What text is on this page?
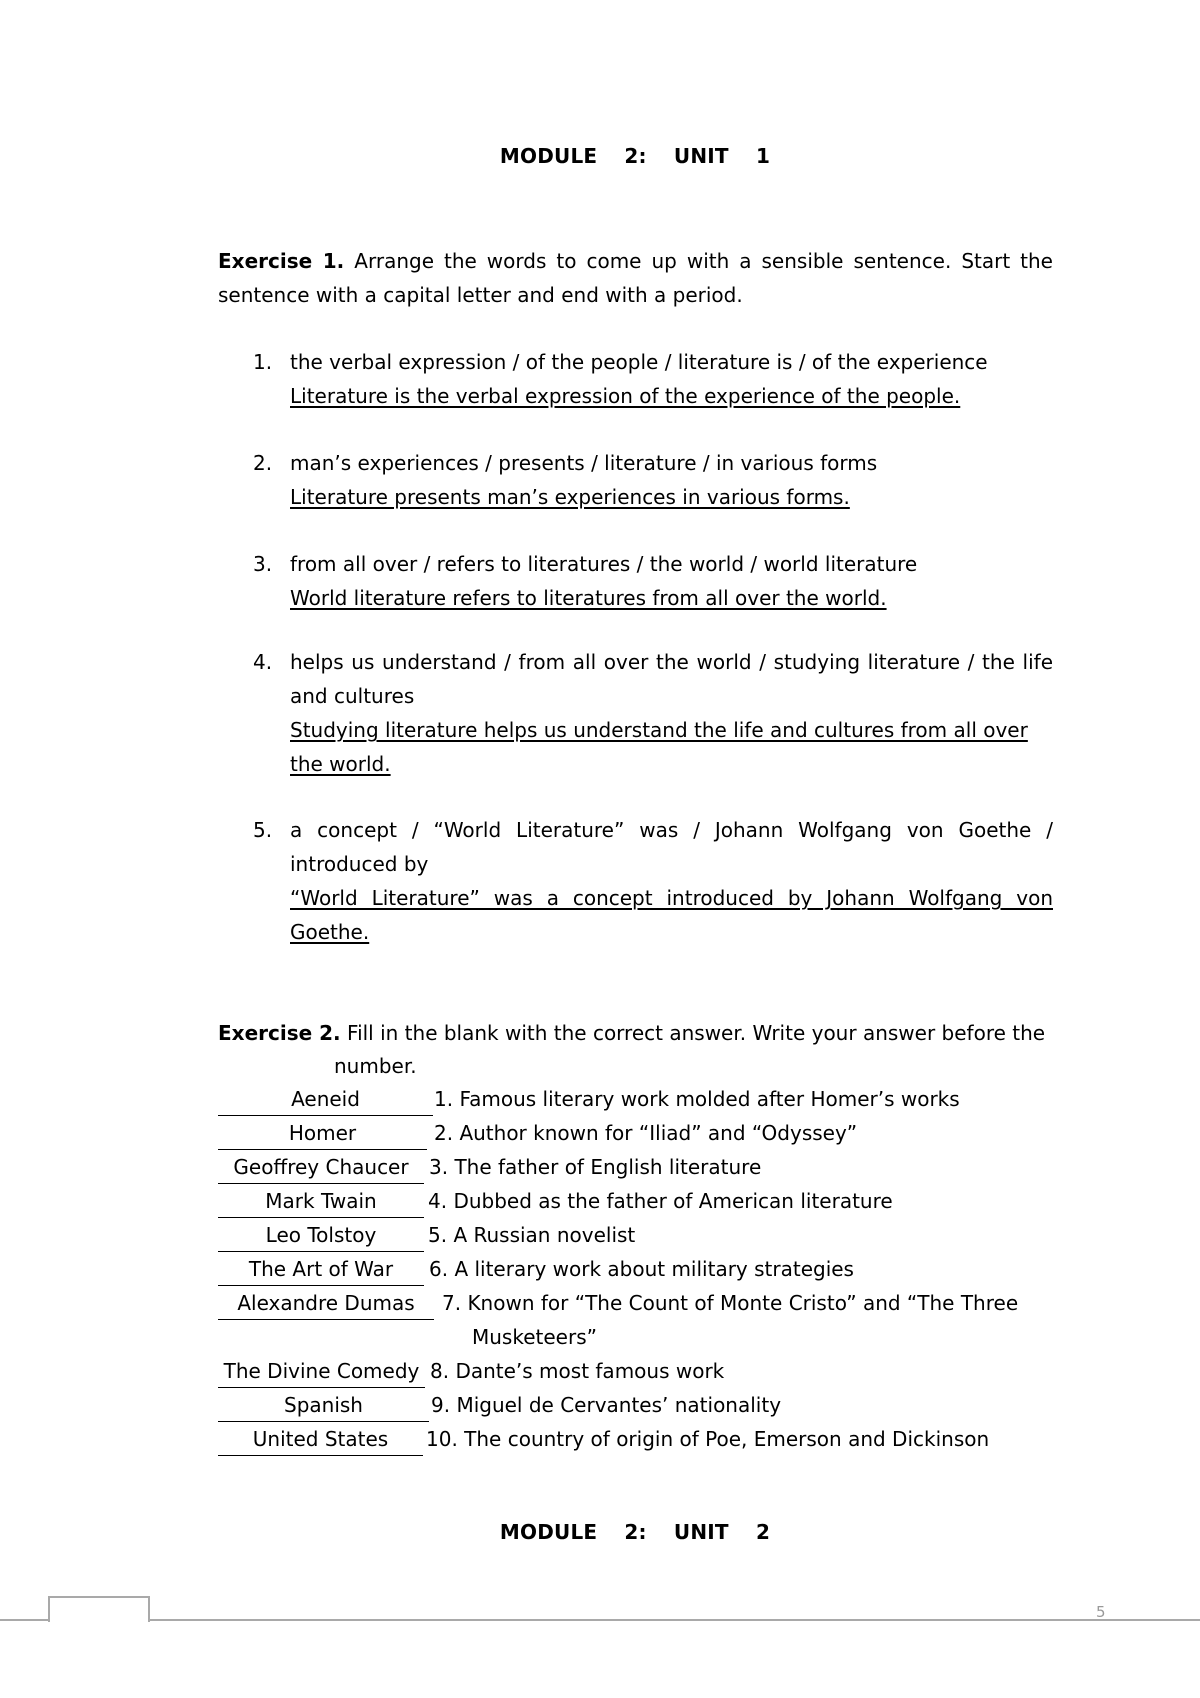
MODULE 2: UNIT 1
Exercise 1. Arrange the words to come up with a sensible sentence. Start the sentence with a capital letter and end with a period.
1. the verbal expression / of the people / literature is / of the experience
Literature is the verbal expression of the experience of the people.
2. man’s experiences / presents / literature / in various forms
Literature presents man’s experiences in various forms.
3. from all over / refers to literatures / the world / world literature
World literature refers to literatures from all over the world.
4. helps us understand / from all over the world / studying literature / the life and cultures
Studying literature helps us understand the life and cultures from all over the world.
5. a concept / “World Literature” was / Johann Wolfgang von Goethe / introduced by
“World Literature” was a concept introduced by Johann Wolfgang von Goethe.
Exercise 2. Fill in the blank with the correct answer. Write your answer before the
number.
Aeneid	1. Famous literary work molded after Homer’s works
Homer	2. Author known for “Iliad” and “Odyssey”
Geoffrey Chaucer	3. The father of English literature
Mark Twain	4. Dubbed as the father of American literature
Leo Tolstoy	5. A Russian novelist
The Art of War	6. A literary work about military strategies
Alexandre Dumas	7. Known for “The Count of Monte Cristo” and “The Three
Musketeers”
The Divine Comedy 8. Dante’s most famous work
Spanish	9. Miguel de Cervantes’ nationality
United States	10. The country of origin of Poe, Emerson and Dickinson
MODULE 2: UNIT 2
5
